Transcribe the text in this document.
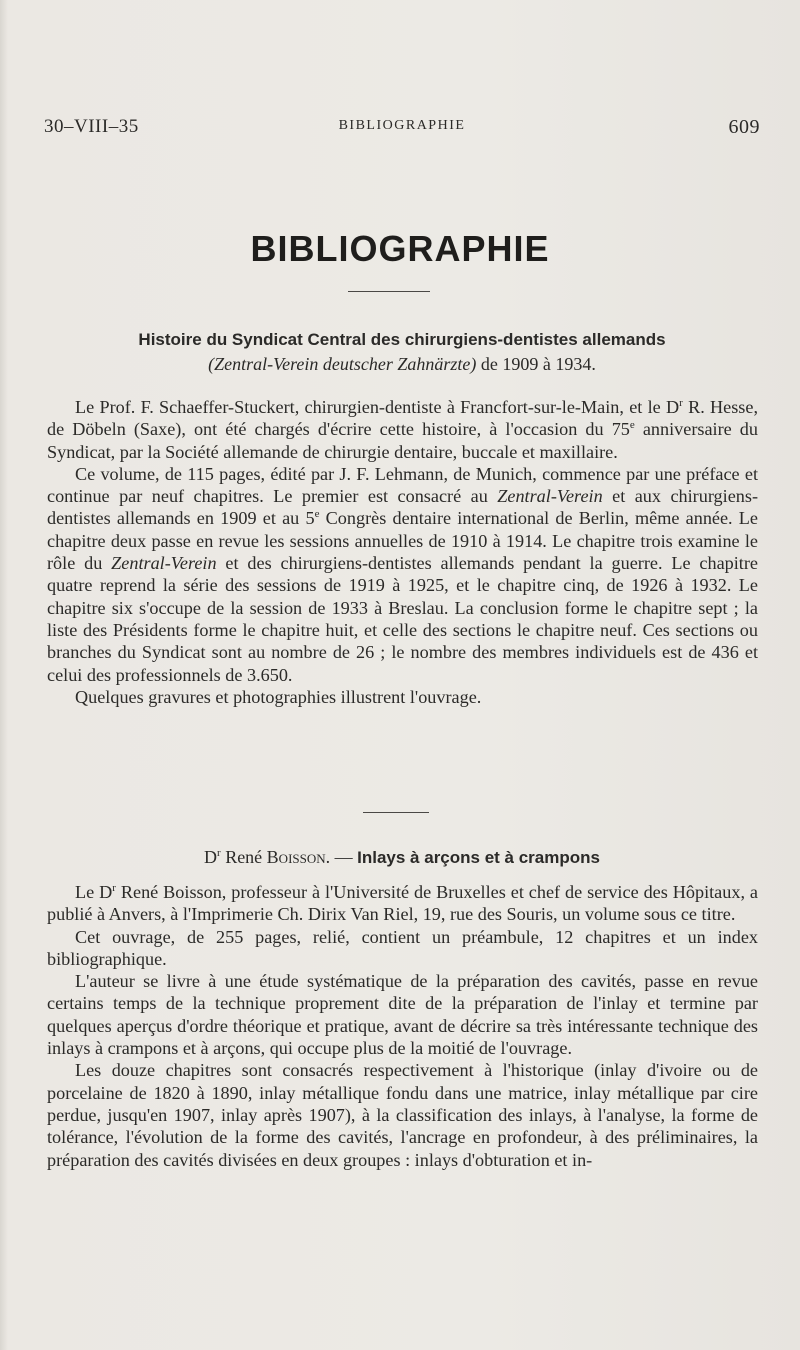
30–VIII–35	BIBLIOGRAPHIE	609
BIBLIOGRAPHIE
Histoire du Syndicat Central des chirurgiens-dentistes allemands
(Zentral-Verein deutscher Zahnärzte) de 1909 à 1934.

Le Prof. F. Schaeffer-Stuckert, chirurgien-dentiste à Francfort-sur-le-Main, et le $D^r$ R. Hesse, de Döbeln (Saxe), ont été chargés d'écrire cette histoire, à l'occasion du 75e anniversaire du Syndicat, par la Société allemande de chirurgie dentaire, buccale et maxillaire.

Ce volume, de 115 pages, édité par J. F. Lehmann, de Munich, commence par une préface et continue par neuf chapitres. Le premier est consacré au Zentral-Verein et aux chirurgiens-dentistes allemands en 1909 et au 5e Congrès dentaire international de Berlin, même année. Le chapitre deux passe en revue les sessions annuelles de 1910 à 1914. Le chapitre trois examine le rôle du Zentral-Verein et des chirurgiens-dentistes allemands pendant la guerre. Le chapitre quatre reprend la série des sessions de 1919 à 1925, et le chapitre cinq, de 1926 à 1932. Le chapitre six s'occupe de la session de 1933 à Breslau. La conclusion forme le chapitre sept ; la liste des Présidents forme le chapitre huit, et celle des sections le chapitre neuf. Ces sections ou branches du Syndicat sont au nombre de 26 ; le nombre des membres individuels est de 436 et celui des professionnels de 3.650.

Quelques gravures et photographies illustrent l'ouvrage.

$D^r$ René Boisson. — Inlays à arçons et à crampons

Le $D^r$ René Boisson, professeur à l'Université de Bruxelles et chef de service des Hôpitaux, a publié à Anvers, à l'Imprimerie Ch. Dirix Van Riel, 19, rue des Souris, un volume sous ce titre.

Cet ouvrage, de 255 pages, relié, contient un préambule, 12 chapitres et un index bibliographique.

L'auteur se livre à une étude systématique de la préparation des cavités, passe en revue certains temps de la technique proprement dite de la préparation de l'inlay et termine par quelques aperçus d'ordre théorique et pratique, avant de décrire sa très intéressante technique des inlays à crampons et à arçons, qui occupe plus de la moitié de l'ouvrage.

Les douze chapitres sont consacrés respectivement à l'historique (inlay d'ivoire ou de porcelaine de 1820 à 1890, inlay métallique fondu dans une matrice, inlay métallique par cire perdue, jusqu'en 1907, inlay après 1907), à la classification des inlays, à l'analyse, la forme de tolérance, l'évolution de la forme des cavités, l'ancrage en profondeur, à des préliminaires, la préparation des cavités divisées en deux groupes : inlays d'obturation et in-
